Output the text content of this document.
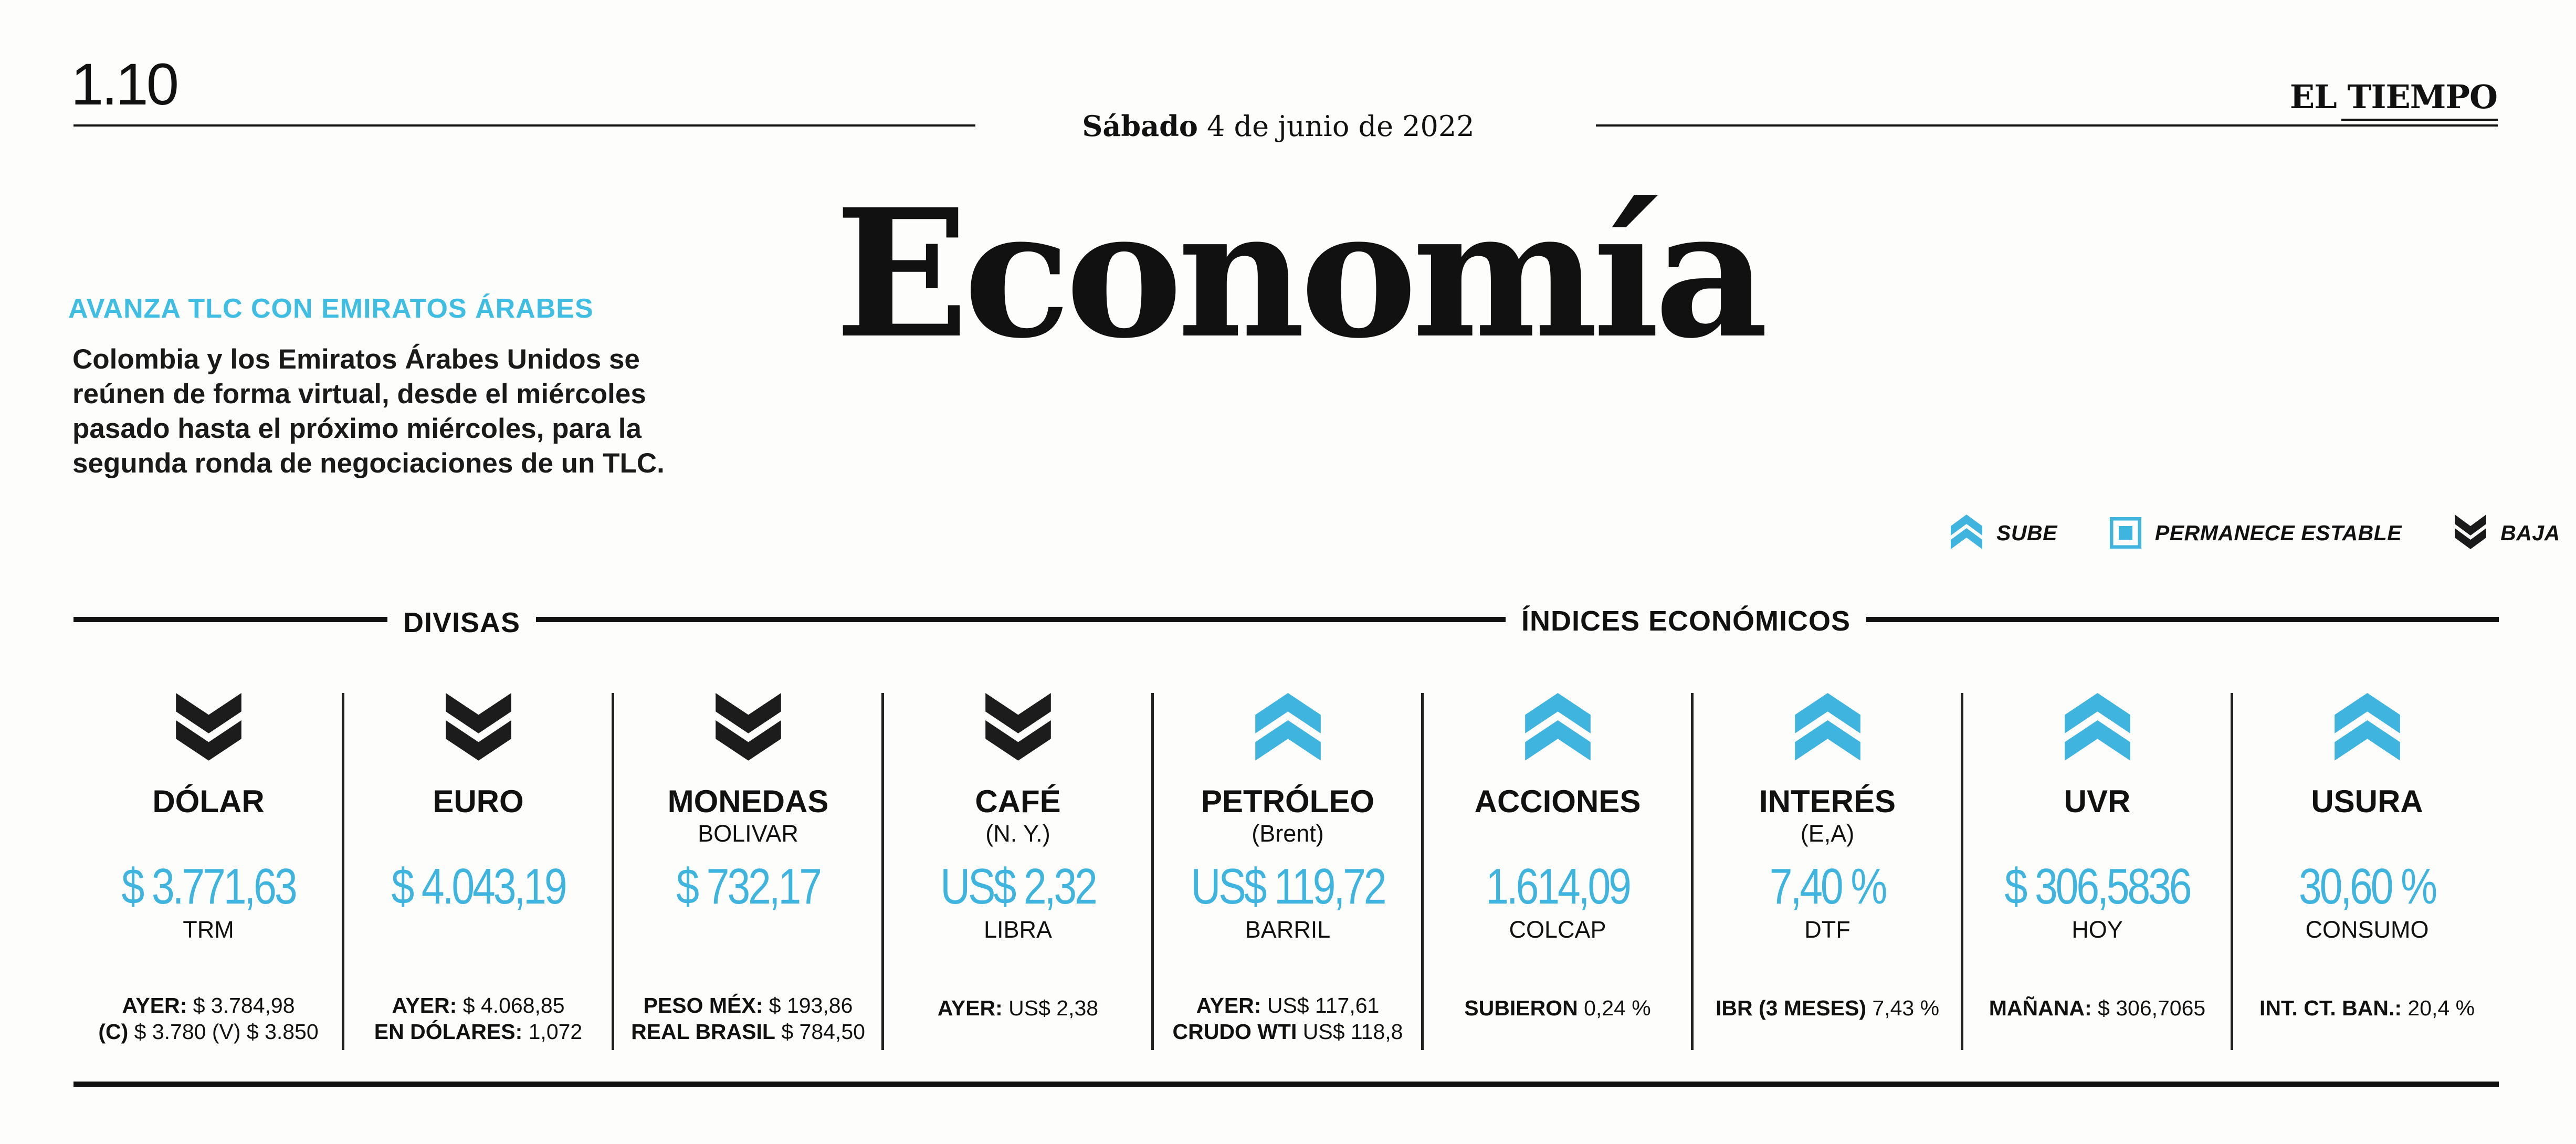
1.10
Sábado 4 de junio de 2022
EL TIEMPO
Economía
AVANZA TLC CON EMIRATOS ÁRABES
Colombia y los Emiratos Árabes Unidos se reúnen de forma virtual, desde el miércoles pasado hasta el próximo miércoles, para la segunda ronda de negociaciones de un TLC.
SUBE	PERMANECE ESTABLE	BAJA
DIVISAS	ÍNDICES ECONÓMICOS
DÓLAR
$ 3.771,63
TRM
AYER: $ 3.784,98
(C) $ 3.780 (V) $ 3.850
EURO
$ 4.043,19
AYER: $ 4.068,85
EN DÓLARES: 1,072
MONEDAS
BOLIVAR
$ 732,17
PESO MÉX: $ 193,86
REAL BRASIL $ 784,50
CAFÉ
(N. Y.)
US$ 2,32
LIBRA
AYER: US$ 2,38
PETRÓLEO
(Brent)
US$ 119,72
BARRIL
AYER: US$ 117,61
CRUDO WTI US$ 118,8
ACCIONES
1.614,09
COLCAP
SUBIERON 0,24 %
INTERÉS
(E,A)
7,40 %
DTF
IBR (3 MESES) 7,43 %
UVR
$ 306,5836
HOY
MAÑANA: $ 306,7065
USURA
30,60 %
CONSUMO
INT. CT. BAN.: 20,4 %
